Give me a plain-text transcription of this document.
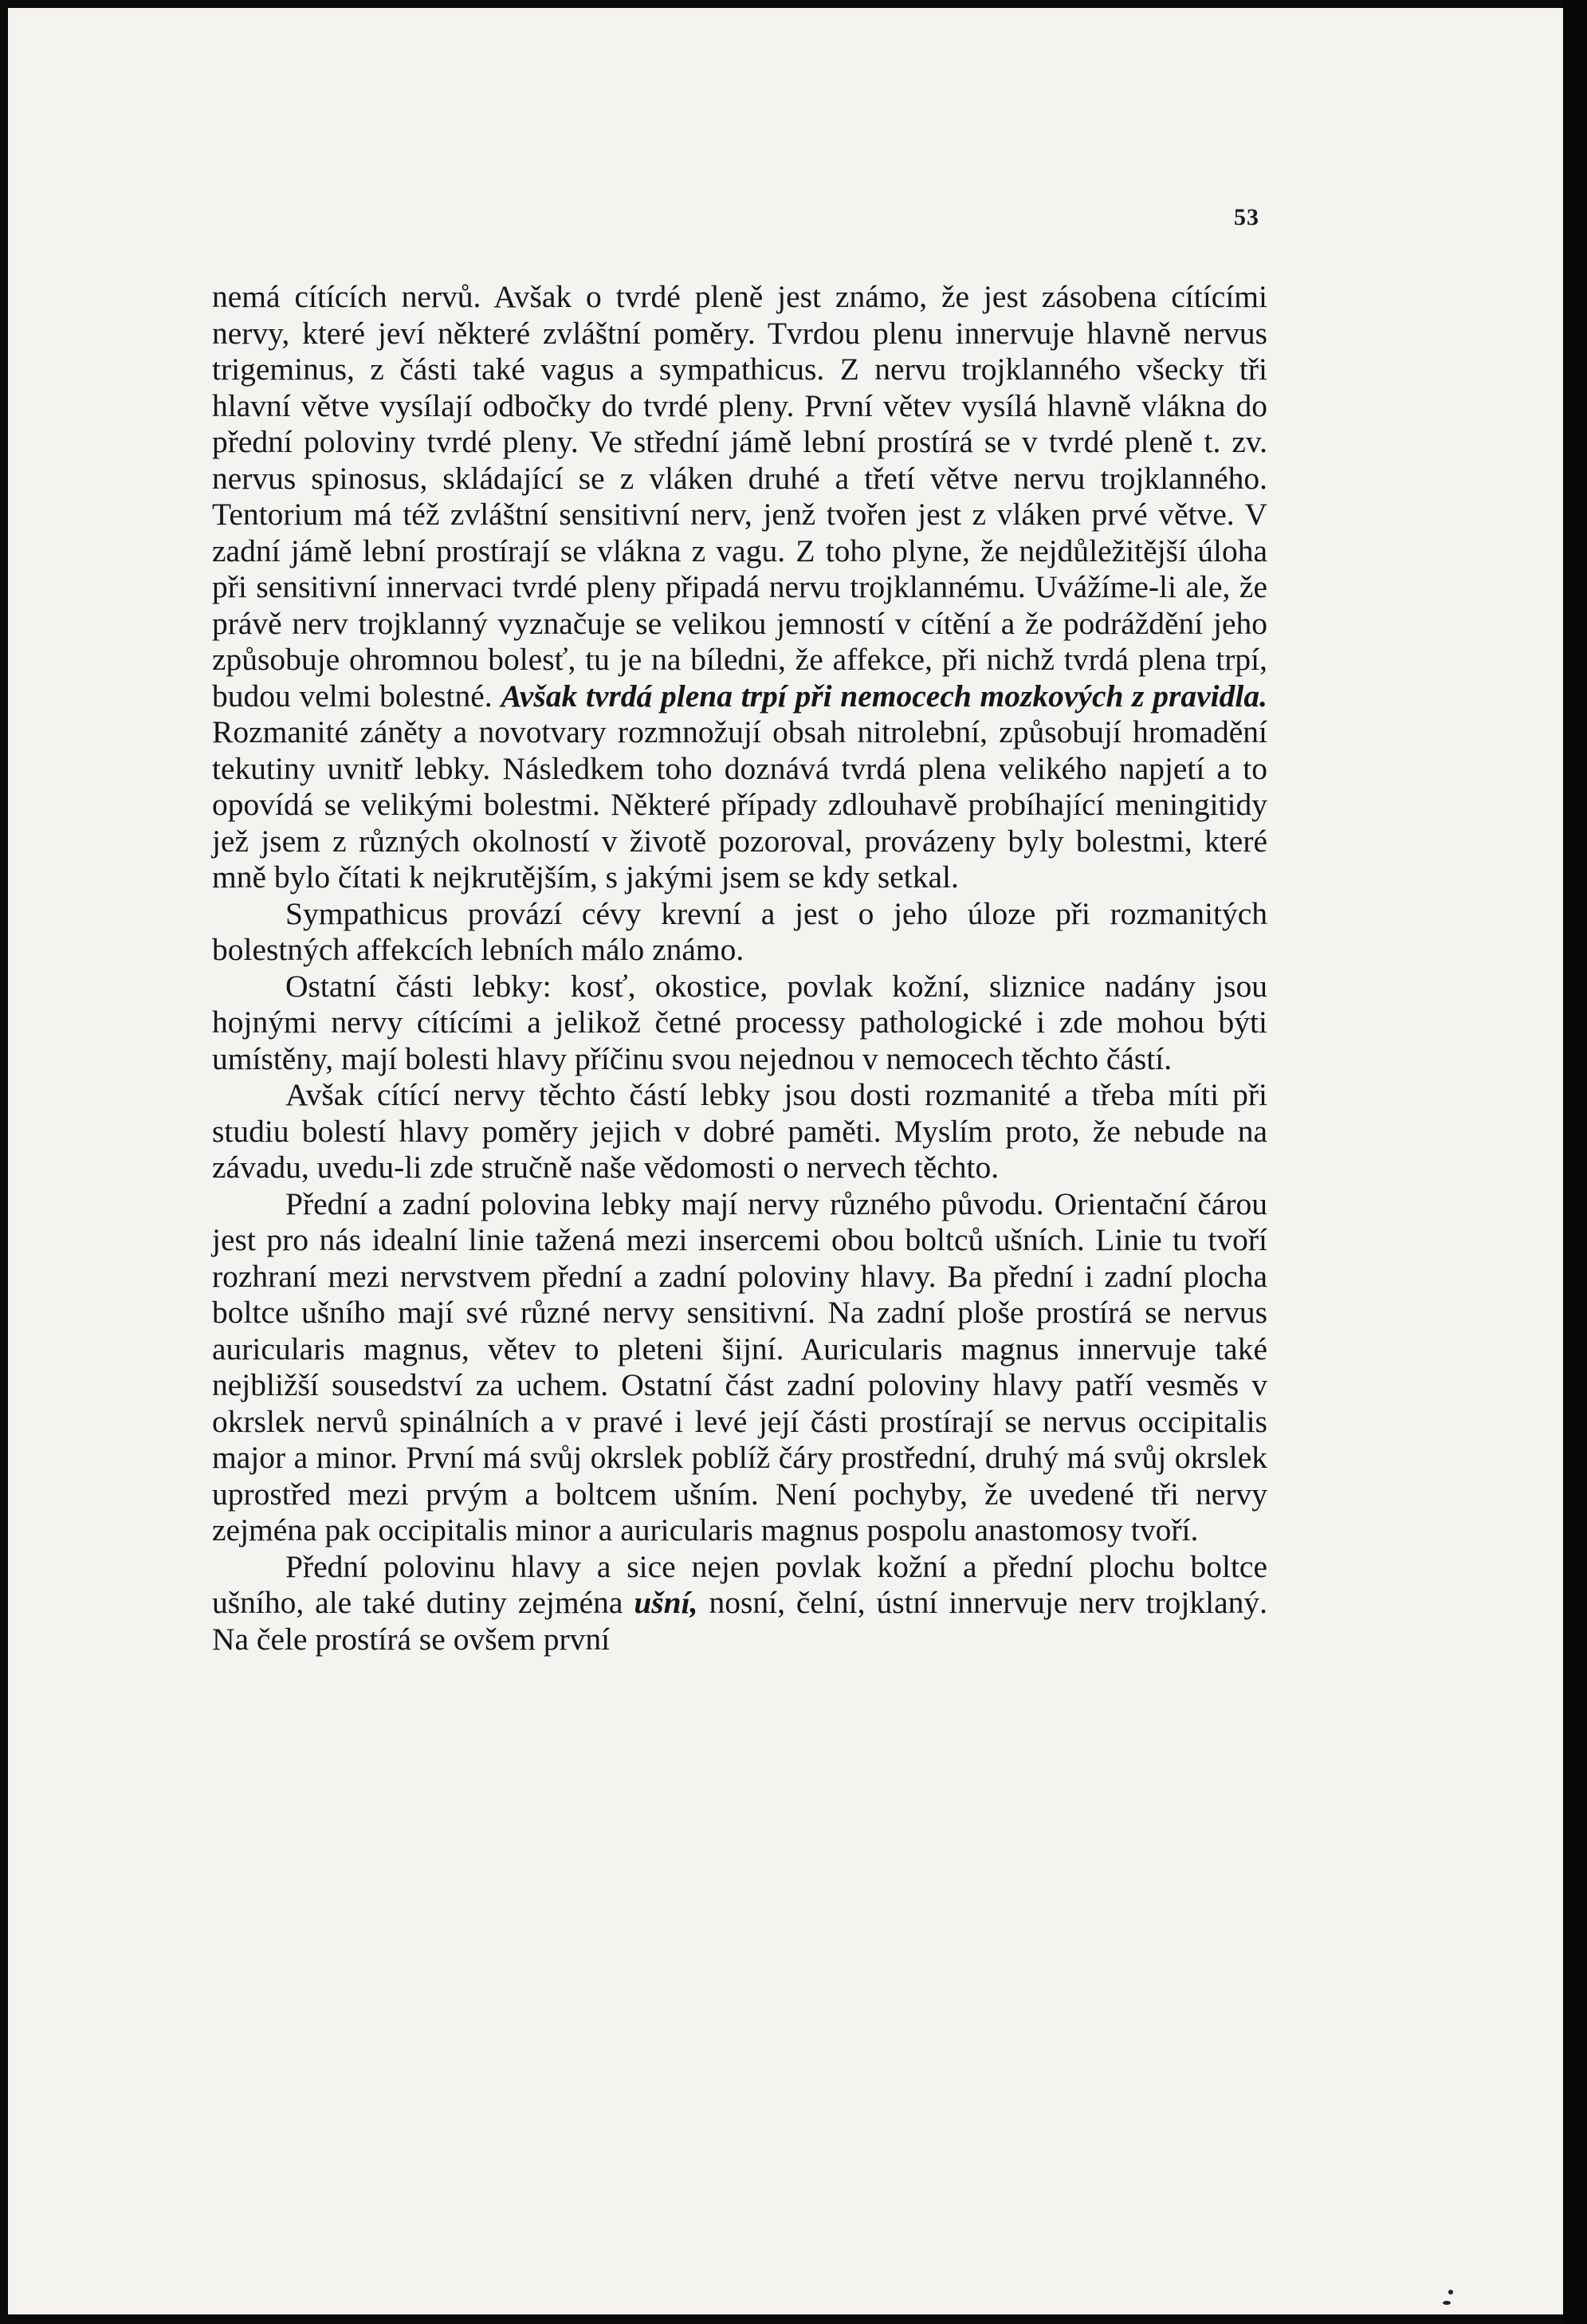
53

nemá cítících nervů. Avšak o tvrdé pleně jest známo, že jest zásobena cítícími nervy, které jeví některé zvláštní poměry. Tvrdou plenu innervuje hlavně nervus trigeminus, z části také vagus a sympathicus. Z nervu trojklanného všecky tři hlavní větve vysílají odbočky do tvrdé pleny. První větev vysílá hlavně vlákna do přední poloviny tvrdé pleny. Ve střední jámě lební prostírá se v tvrdé pleně t. zv. nervus spinosus, skládající se z vláken druhé a třetí větve nervu trojklanného. Tentorium má též zvláštní sensitivní nerv, jenž tvořen jest z vláken prvé větve. V zadní jámě lební prostírají se vlákna z vagu. Z toho plyne, že nejdůležitější úloha při sensitivní innervaci tvrdé pleny připadá nervu trojklannému. Uvážíme-li ale, že právě nerv trojklanný vyznačuje se velikou jemností v cítění a že podráždění jeho způsobuje ohromnou bolesť, tu je na bíledni, že affekce, při nichž tvrdá plena trpí, budou velmi bolestné. Avšak tvrdá plena trpí při nemocech mozkových z pravidla. Rozmanité záněty a novotvary rozmnožují obsah nitrolební, způsobují hromadění tekutiny uvnitř lebky. Následkem toho doznává tvrdá plena velikého napjetí a to opovídá se velikými bolestmi. Některé případy zdlouhavě probíhající meningitidy jež jsem z různých okolností v životě pozoroval, provázeny byly bolestmi, které mně bylo čítati k nejkrutějším, s jakými jsem se kdy setkal.

Sympathicus provází cévy krevní a jest o jeho úloze při rozmanitých bolestných affekcích lebních málo známo.

Ostatní části lebky: kosť, okostice, povlak kožní, sliznice nadány jsou hojnými nervy cítícími a jelikož četné processy pathologické i zde mohou býti umístěny, mají bolesti hlavy příčinu svou nejednou v nemocech těchto částí.

Avšak cítící nervy těchto částí lebky jsou dosti rozmanité a třeba míti při studiu bolestí hlavy poměry jejich v dobré paměti. Myslím proto, že nebude na závadu, uvedu-li zde stručně naše vědomosti o nervech těchto.

Přední a zadní polovina lebky mají nervy různého původu. Orientační čárou jest pro nás idealní linie tažená mezi insercemi obou boltců ušních. Linie tu tvoří rozhraní mezi nervstvem přední a zadní poloviny hlavy. Ba přední i zadní plocha boltce ušního mají své různé nervy sensitivní. Na zadní ploše prostírá se nervus auricularis magnus, větev to pleteni šijní. Auricularis magnus innervuje také nejbližší sousedství za uchem. Ostatní část zadní poloviny hlavy patří vesměs v okrslek nervů spinálních a v pravé i levé její části prostírají se nervus occipitalis major a minor. První má svůj okrslek poblíž čáry prostřední, druhý má svůj okrslek uprostřed mezi prvým a boltcem ušním. Není pochyby, že uvedené tři nervy zejména pak occipitalis minor a auricularis magnus pospolu anastomosy tvoří.

Přední polovinu hlavy a sice nejen povlak kožní a přední plochu boltce ušního, ale také dutiny zejména ušní, nosní, čelní, ústní innervuje nerv trojklaný. Na čele prostírá se ovšem první
